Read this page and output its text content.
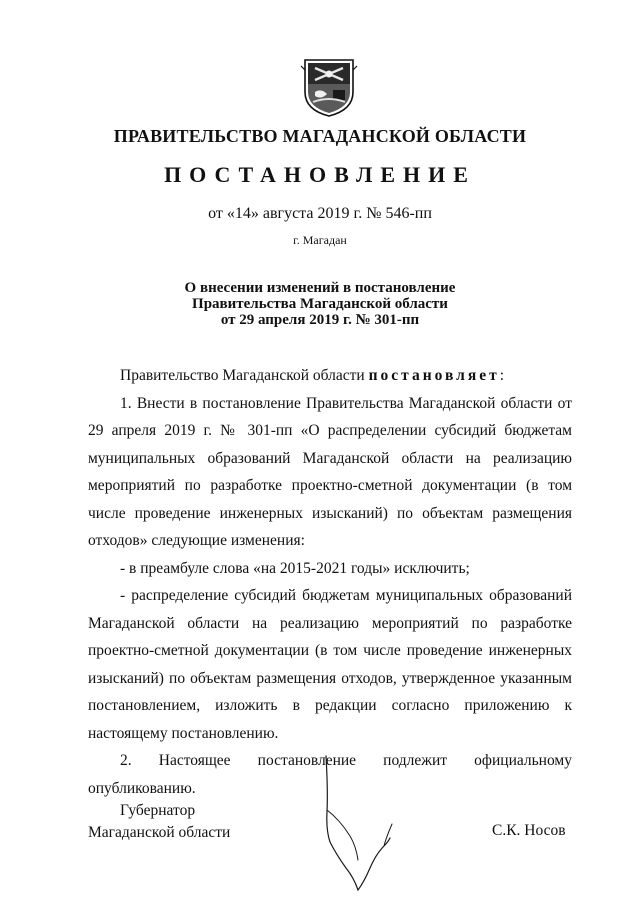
ПРАВИТЕЛЬСТВО МАГАДАНСКОЙ ОБЛАСТИ
ПОСТАНОВЛЕНИЕ
от «14» августа 2019 г. № 546-пп
г. Магадан
О внесении изменений в постановление
Правительства Магаданской области
от 29 апреля 2019 г. № 301-пп

Правительство Магаданской области постановляет:

1. Внести в постановление Правительства Магаданской области от 29 апреля 2019 г. № 301-пп «О распределении субсидий бюджетам муниципальных образований Магаданской области на реализацию мероприятий по разработке проектно-сметной документации (в том числе проведение инженерных изысканий) по объектам размещения отходов» следующие изменения:

- в преамбуле слова «на 2015-2021 годы» исключить;

- распределение субсидий бюджетам муниципальных образований Магаданской области на реализацию мероприятий по разработке проектно-сметной документации (в том числе проведение инженерных изысканий) по объектам размещения отходов, утвержденное указанным постановлением, изложить в редакции согласно приложению к настоящему постановлению.

2. Настоящее постановление подлежит официальному опубликованию.

Губернатор
Магаданской области	С.К. Носов
